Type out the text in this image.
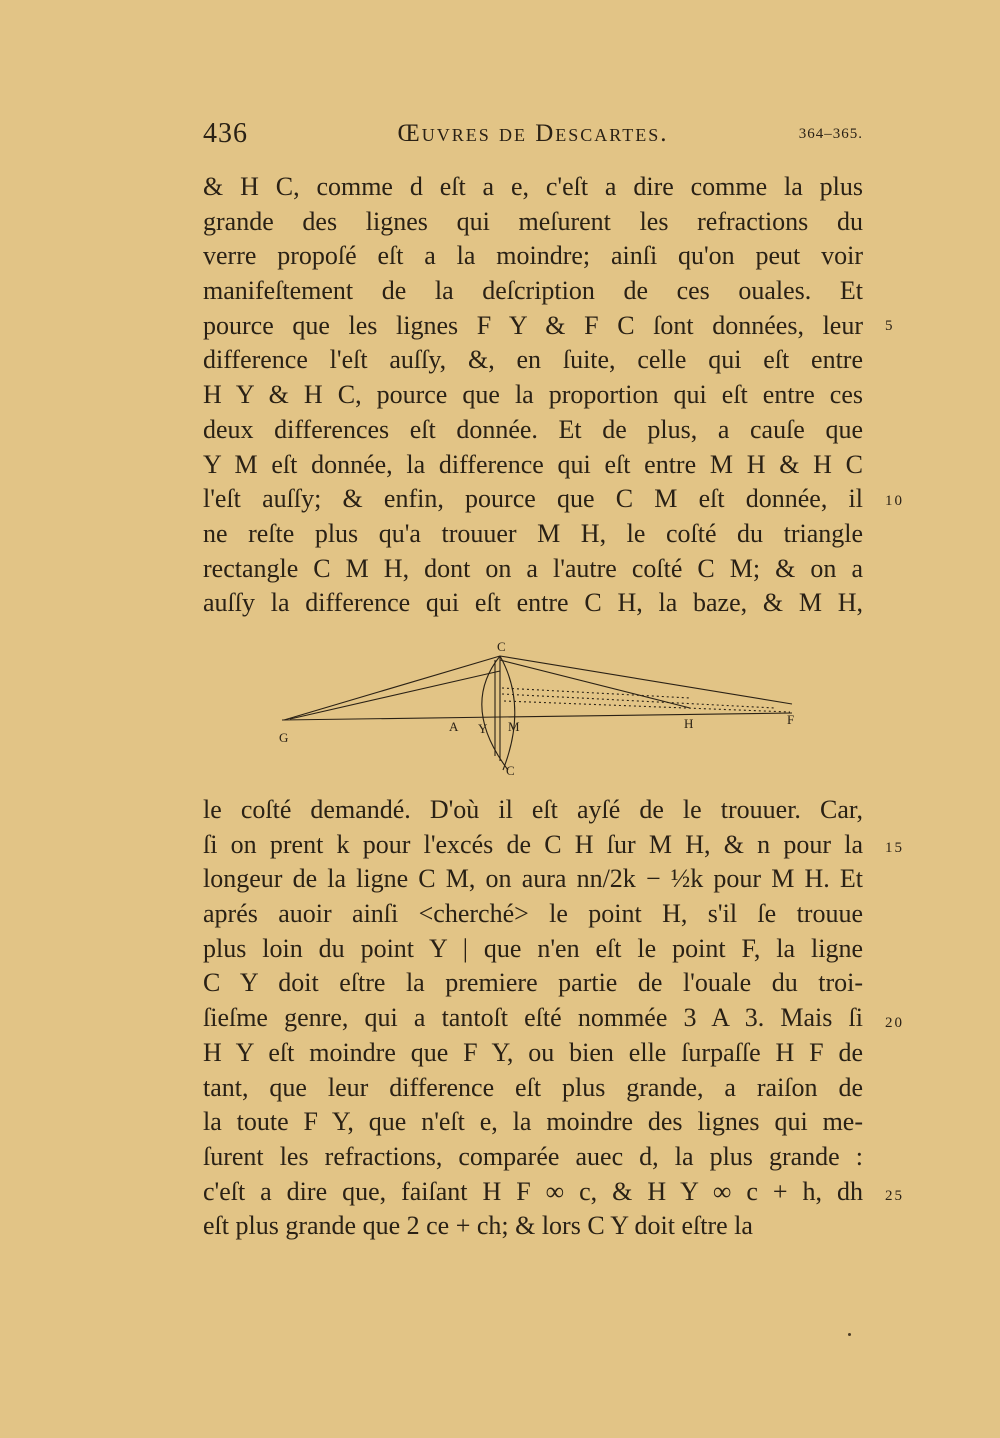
436	Œuvres de Descartes.	364–365.
& H C, comme d eſt a e, c'eſt a dire comme la plus
grande des lignes qui meſurent les refractions du
verre propoſé eſt a la moindre; ainſi qu'on peut voir
manifeſtement de la deſcription de ces ouales. Et
pource que les lignes F Y & F C ſont données, leur
difference l'eſt auſſy, &, en ſuite, celle qui eſt entre
H Y & H C, pource que la proportion qui eſt entre ces
deux differences eſt donnée. Et de plus, a cauſe que
Y M eſt donnée, la difference qui eſt entre M H & H C
l'eſt auſſy; & enfin, pource que C M eſt donnée, il
ne reſte plus qu'a trouuer M H, le coſté du triangle
rectangle C M H, dont on a l'autre coſté C M; & on a
auſſy la difference qui eſt entre C H, la baze, & M H,
C
G
A Y M	H	F
C
le coſté demandé. D'où il eſt ayſé de le trouuer. Car,
ſi on prent k pour l'excés de C H ſur M H, & n pour la
longeur de la ligne C M, on aura nn/2k − ½k pour M H. Et
aprés auoir ainſi <cherché> le point H, s'il ſe trouue
plus loin du point Y | que n'en eſt le point F, la ligne
C Y doit eſtre la premiere partie de l'ouale du troi-
ſieſme genre, qui a tantoſt eſté nommée 3 A 3. Mais ſi
H Y eſt moindre que F Y, ou bien elle ſurpaſſe H F de
tant, que leur difference eſt plus grande, a raiſon de
la toute F Y, que n'eſt e, la moindre des lignes qui me-
ſurent les refractions, comparée auec d, la plus grande :
c'eſt a dire que, faiſant H F ∞ c, & H Y ∞ c + h, dh
eſt plus grande que 2 ce + ch; & lors C Y doit eſtre la
5
10
15
20
25
